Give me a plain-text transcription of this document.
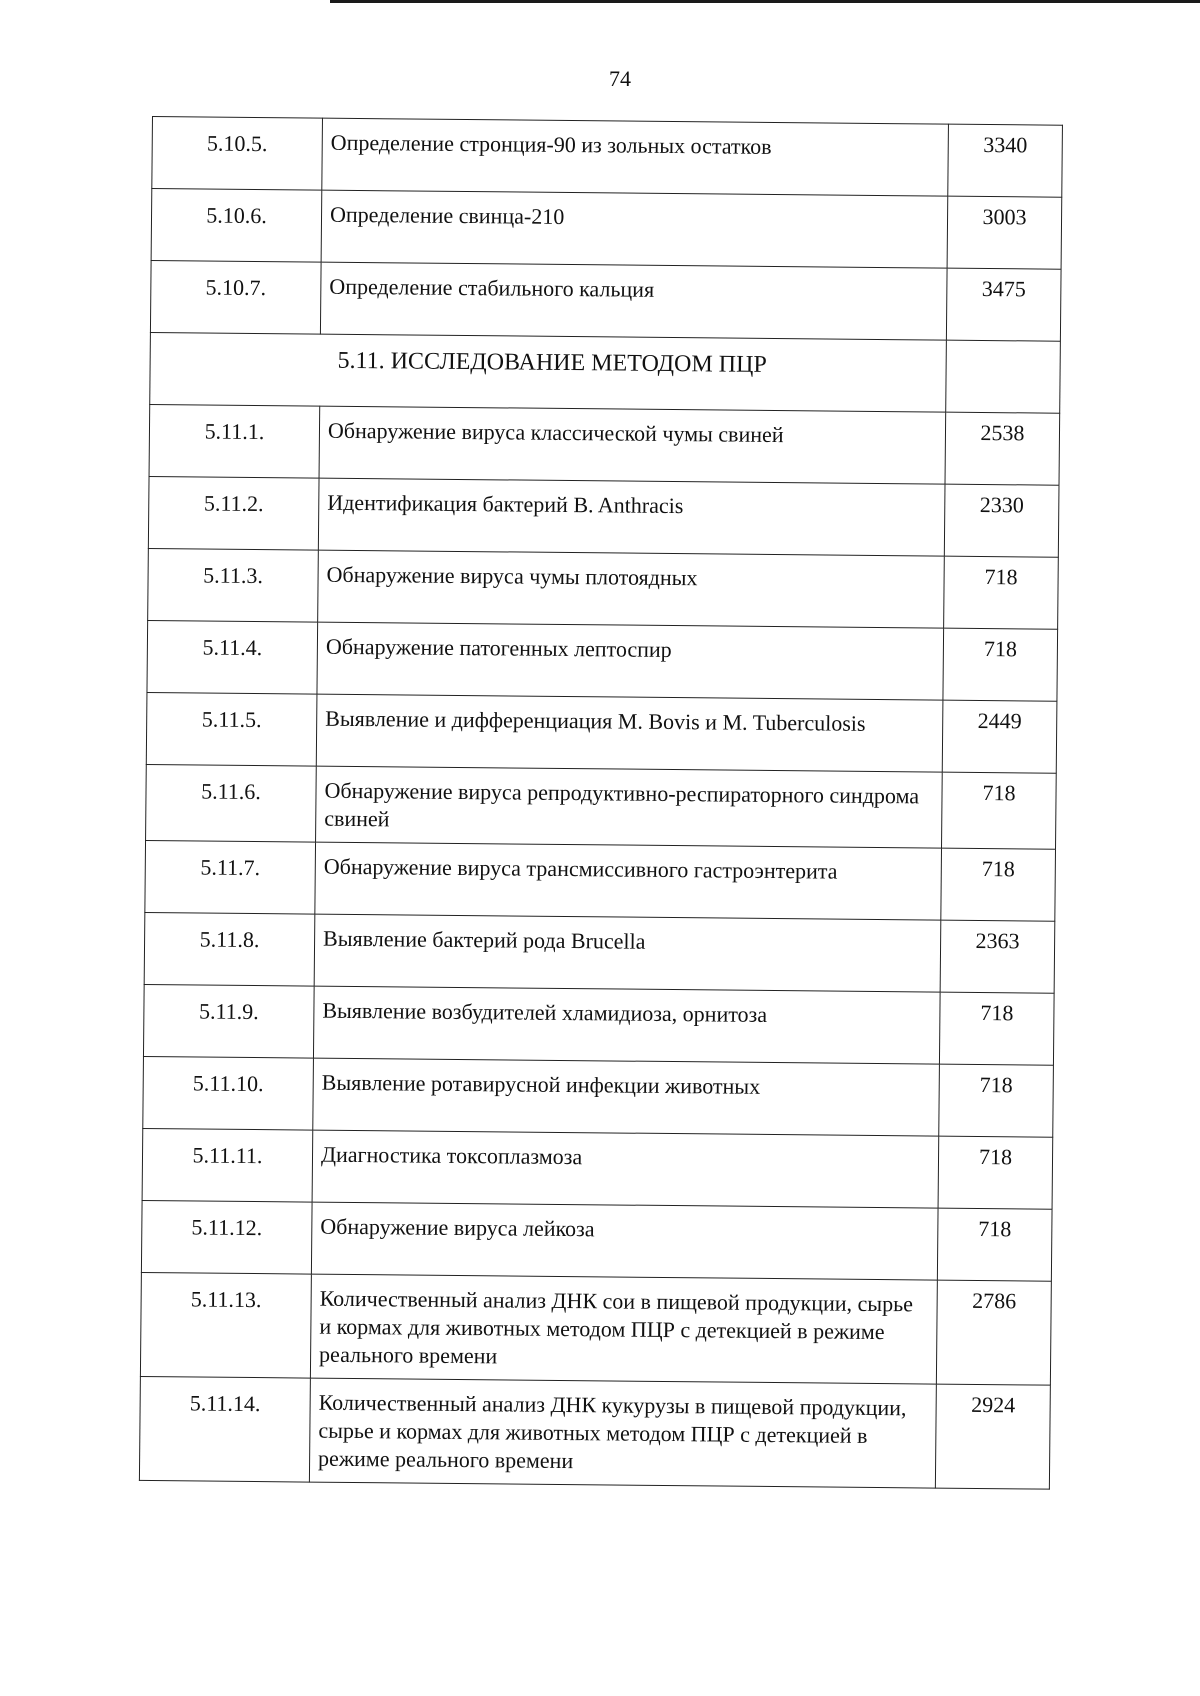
74
5.10.5.	Определение стронция-90 из зольных остатков	3340
5.10.6.	Определение свинца-210	3003
5.10.7.	Определение стабильного кальция	3475
5.11. ИССЛЕДОВАНИЕ МЕТОДОМ ПЦР		
5.11.1.	Обнаружение вируса классической чумы свиней	2538
5.11.2.	Идентификация бактерий B. Anthracis	2330
5.11.3.	Обнаружение вируса чумы плотоядных	718
5.11.4.	Обнаружение патогенных лептоспир	718
5.11.5.	Выявление и дифференциация M. Bovis и M. Tuberculosis	2449
5.11.6.	Обнаружение вируса репродуктивно-респираторного синдрома свиней	718
5.11.7.	Обнаружение вируса трансмиссивного гастроэнтерита	718
5.11.8.	Выявление бактерий рода Brucella	2363
5.11.9.	Выявление возбудителей хламидиоза, орнитоза	718
5.11.10.	Выявление ротавирусной инфекции животных	718
5.11.11.	Диагностика токсоплазмоза	718
5.11.12.	Обнаружение вируса лейкоза	718
5.11.13.	Количественный анализ ДНК сои в пищевой продукции, сырье и кормах для животных методом ПЦР с детекцией в режиме реального времени	2786
5.11.14.	Количественный анализ ДНК кукурузы в пищевой продукции, сырье и кормах для животных методом ПЦР с детекцией в режиме реального времени	2924
